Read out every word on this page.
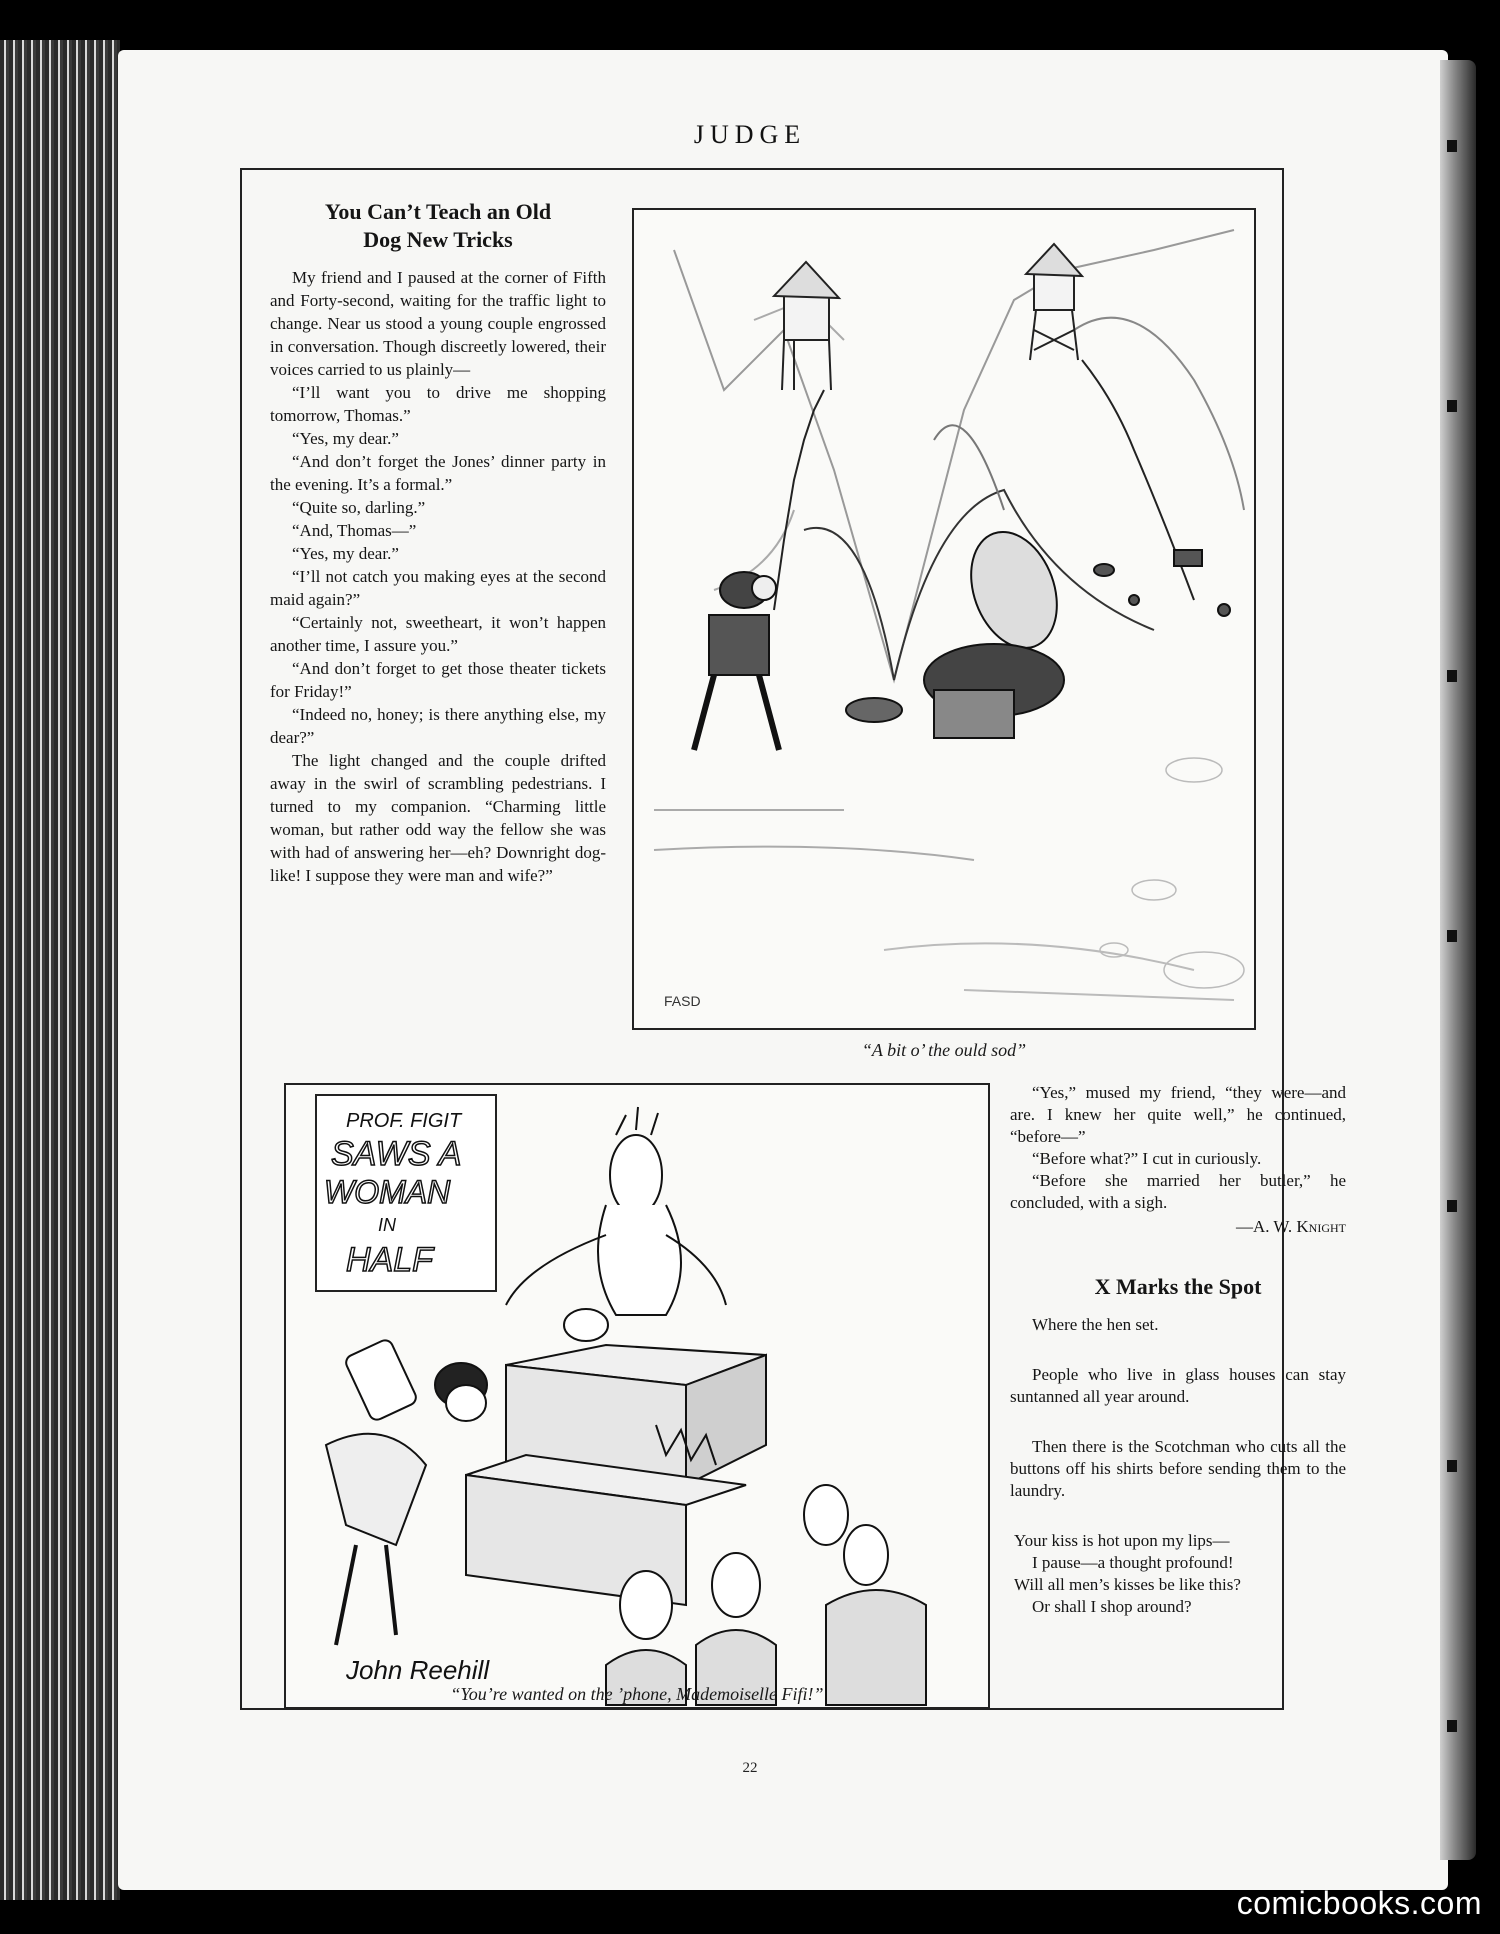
JUDGE
You Can’t Teach an Old
Dog New Tricks

My friend and I paused at the corner of Fifth and Forty-second, waiting for the traffic light to change. Near us stood a young couple engrossed in conversation. Though discreetly lowered, their voices carried to us plainly—

“I’ll want you to drive me shopping tomorrow, Thomas.”

“Yes, my dear.”

“And don’t forget the Jones’ dinner party in the evening. It’s a formal.”

“Quite so, darling.”

“And, Thomas—”

“Yes, my dear.”

“I’ll not catch you making eyes at the second maid again?”

“Certainly not, sweetheart, it won’t happen another time, I assure you.”

“And don’t forget to get those theater tickets for Friday!”

“Indeed no, honey; is there anything else, my dear?”

The light changed and the couple drifted away in the swirl of scrambling pedestrians. I turned to my companion. “Charming little woman, but rather odd way the fellow she was with had of answering her—eh? Downright dog-like! I suppose they were man and wife?”

FASD
“A bit o’ the ould sod”
PROF. FIGIT
SAWS A
WOMAN
IN
HALF
John Reehill
“You’re wanted on the ’phone, Mademoiselle Fifi!”

“Yes,” mused my friend, “they were—and are. I knew her quite well,” he continued, “before—”

“Before what?” I cut in curiously.

“Before she married her butler,” he concluded, with a sigh.

—A. W. Knight
X Marks the Spot

Where the hen set.

People who live in glass houses can stay suntanned all year around.

Then there is the Scotchman who cuts all the buttons off his shirts before sending them to the laundry.

Your kiss is hot upon my lips—
I pause—a thought profound!
Will all men’s kisses be like this?
Or shall I shop around?
22
comicbooks.com
